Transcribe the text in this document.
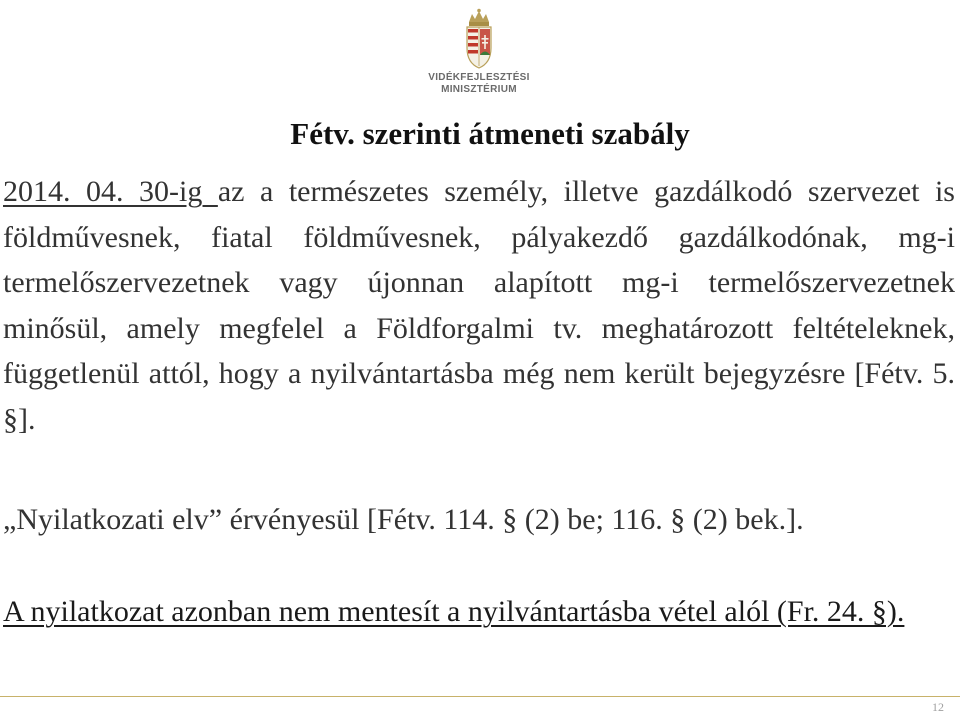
VIDÉKFEJLESZTÉSI
MINISZTÉRIUM
Fétv. szerinti átmeneti szabály

2014. 04. 30-ig az a természetes személy, illetve gazdálkodó szervezet is földművesnek, fiatal földművesnek, pályakezdő gazdálkodónak, mg-i termelőszervezetnek vagy újonnan alapított mg-i termelőszervezetnek minősül, amely megfelel a Földforgalmi tv. meghatározott feltételeknek, függetlenül attól, hogy a nyilvántartásba még nem került bejegyzésre [Fétv. 5. §].

„Nyilatkozati elv” érvényesül [Fétv. 114. § (2) be; 116. § (2) bek.].

A nyilatkozat azonban nem mentesít a nyilvántartásba vétel alól (Fr. 24. §).

12
